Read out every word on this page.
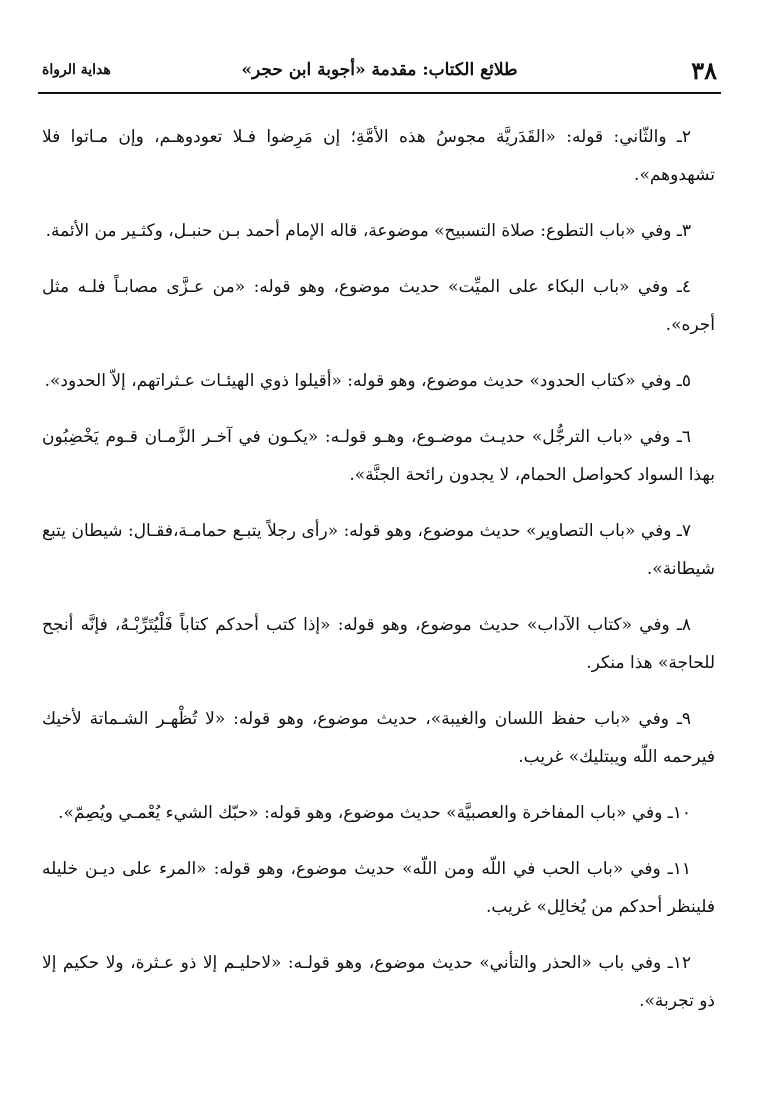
٣٨
طلائع الكتاب: مقدمة «أجوبة ابن حجر»
هداية الرواة

٢ـ والثّاني: قوله: «القَدَريَّة مجوسُ هذه الأمَّةِ؛ إن مَرِضوا فـلا تعودوهـم، وإن مـاتوا فلا تشهدوهم».

٣ـ وفي «باب التطوع: صلاة التسبيح» موضوعة، قاله الإمام أحمد بـن حنبـل، وكثـير من الأئمة.

٤ـ وفي «باب البكاء على الميِّت» حديث موضوع، وهو قوله: «من عـزَّى مصابـاً فلـه مثل أجره».

٥ـ وفي «كتاب الحدود» حديث موضوع، وهو قوله: «أقيلوا ذوي الهيئـات عـثراتهم، إلاّ الحدود».

٦ـ وفي «باب الترجُّل» حديـث موضـوع، وهـو قولـه: «يكـون في آخـر الزَّمـان قـوم يَخْضِبُون بهذا السواد كحواصل الحمام، لا يجدون رائحة الجنَّة».

٧ـ وفي «باب التصاوير» حديث موضوع، وهو قوله: «رأى رجلاً يتبـع حمامـة،فقـال: شيطان يتبع شيطانة».

٨ـ وفي «كتاب الآداب» حديث موضوع، وهو قوله: «إذا كتب أحدكم كتاباً فَلْيُتَرِّبْـهُ، فإنَّه أنجح للحاجة» هذا منكر.

٩ـ وفي «باب حفظ اللسان والغيبة»، حديث موضوع، وهو قوله: «لا تُظْهـر الشـماتة لأخيك فيرحمه اللّه ويبتليك» غريب.

١٠ـ وفي «باب المفاخرة والعصبيَّة» حديث موضوع، وهو قوله: «حبّك الشيء يُعْمـي ويُصِمّ».

١١ـ وفي «باب الحب في اللّه ومن اللّه» حديث موضوع، وهو قوله: «المرء على ديـن خليله فلينظر أحدكم من يُخالِل» غريب.

١٢ـ وفي باب «الحذر والتأني» حديث موضوع، وهو قولـه: «لاحليـم إلا ذو عـثرة، ولا حكيم إلا ذو تجربة».
